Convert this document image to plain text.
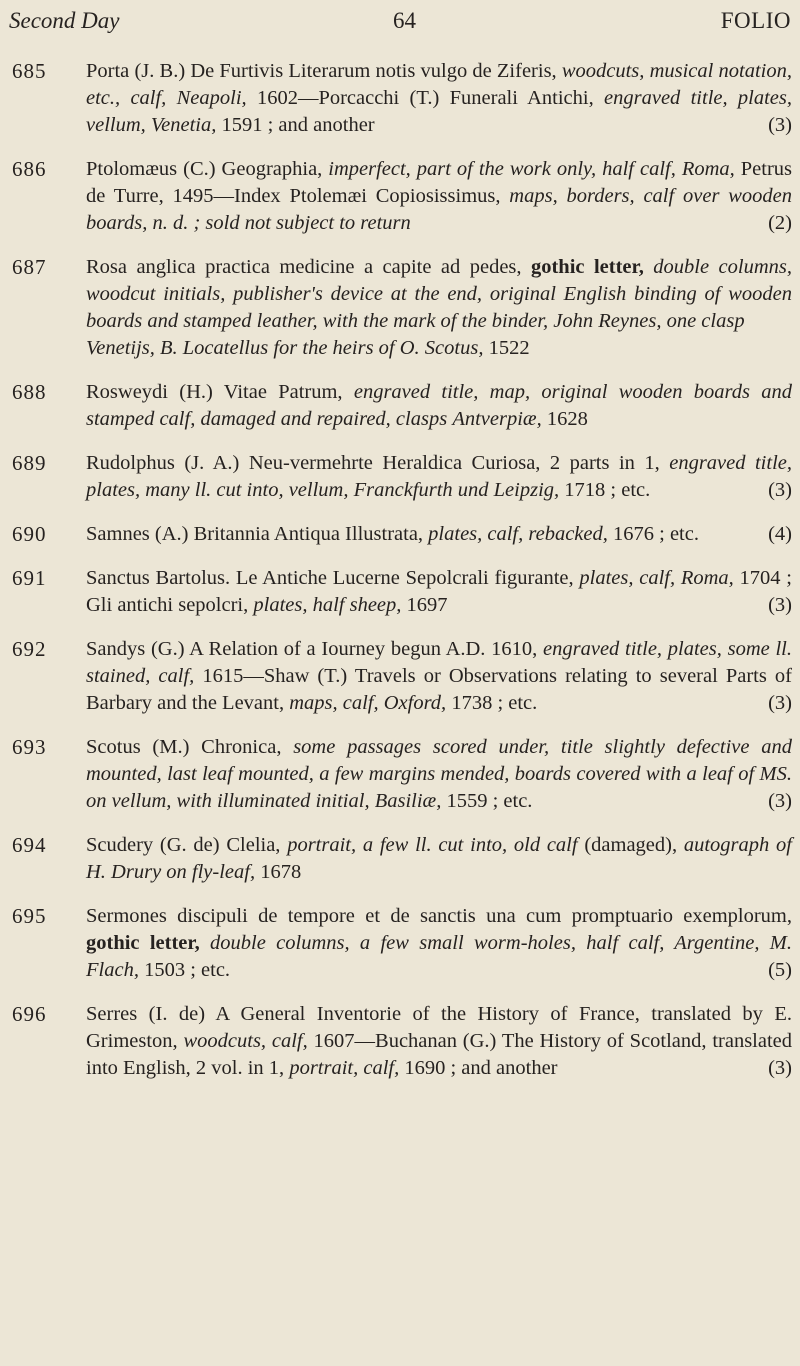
Second Day	64	FOLIO
685 Porta (J. B.) De Furtivis Literarum notis vulgo de Ziferis, woodcuts, musical notation, etc., calf, Neapoli, 1602—Porcacchi (T.) Funerali Antichi, engraved title, plates, vellum, Venetia, 1591 ; and another	(3)
686 Ptolomæus (C.) Geographia, imperfect, part of the work only, half calf, Roma, Petrus de Turre, 1495—Index Ptolemæi Copiosissimus, maps, borders, calf over wooden boards, n. d. ; sold not subject to return	(2)
687 Rosa anglica practica medicine a capite ad pedes, gothic letter, double columns, woodcut initials, publisher's device at the end, original English binding of wooden boards and stamped leather, with the mark of the binder, John Reynes, one clasp
Venetijs, B. Locatellus for the heirs of O. Scotus, 1522
688 Rosweydi (H.) Vitae Patrum, engraved title, map, original wooden boards and stamped calf, damaged and repaired, clasps Antverpiæ, 1628
689 Rudolphus (J. A.) Neu-vermehrte Heraldica Curiosa, 2 parts in 1, engraved title, plates, many ll. cut into, vellum, Franckfurth und Leipzig, 1718 ; etc.	(3)
690 Samnes (A.) Britannia Antiqua Illustrata, plates, calf, rebacked, 1676 ; etc.	(4)
691 Sanctus Bartolus. Le Antiche Lucerne Sepolcrali figurante, plates, calf, Roma, 1704 ; Gli antichi sepolcri, plates, half sheep, 1697	(3)
692 Sandys (G.) A Relation of a Iourney begun A.D. 1610, engraved title, plates, some ll. stained, calf, 1615—Shaw (T.) Travels or Observations relating to several Parts of Barbary and the Levant, maps, calf, Oxford, 1738 ; etc.	(3)
693 Scotus (M.) Chronica, some passages scored under, title slightly defective and mounted, last leaf mounted, a few margins mended, boards covered with a leaf of MS. on vellum, with illuminated initial, Basiliæ, 1559 ; etc.	(3)
694 Scudery (G. de) Clelia, portrait, a few ll. cut into, old calf (damaged), autograph of H. Drury on fly-leaf, 1678
695 Sermones discipuli de tempore et de sanctis una cum promptuario exemplorum, gothic letter, double columns, a few small worm-holes, half calf, Argentine, M. Flach, 1503 ; etc.	(5)
696 Serres (I. de) A General Inventorie of the History of France, translated by E. Grimeston, woodcuts, calf, 1607—Buchanan (G.) The History of Scotland, translated into English, 2 vol. in 1, portrait, calf, 1690 ; and another	(3)
